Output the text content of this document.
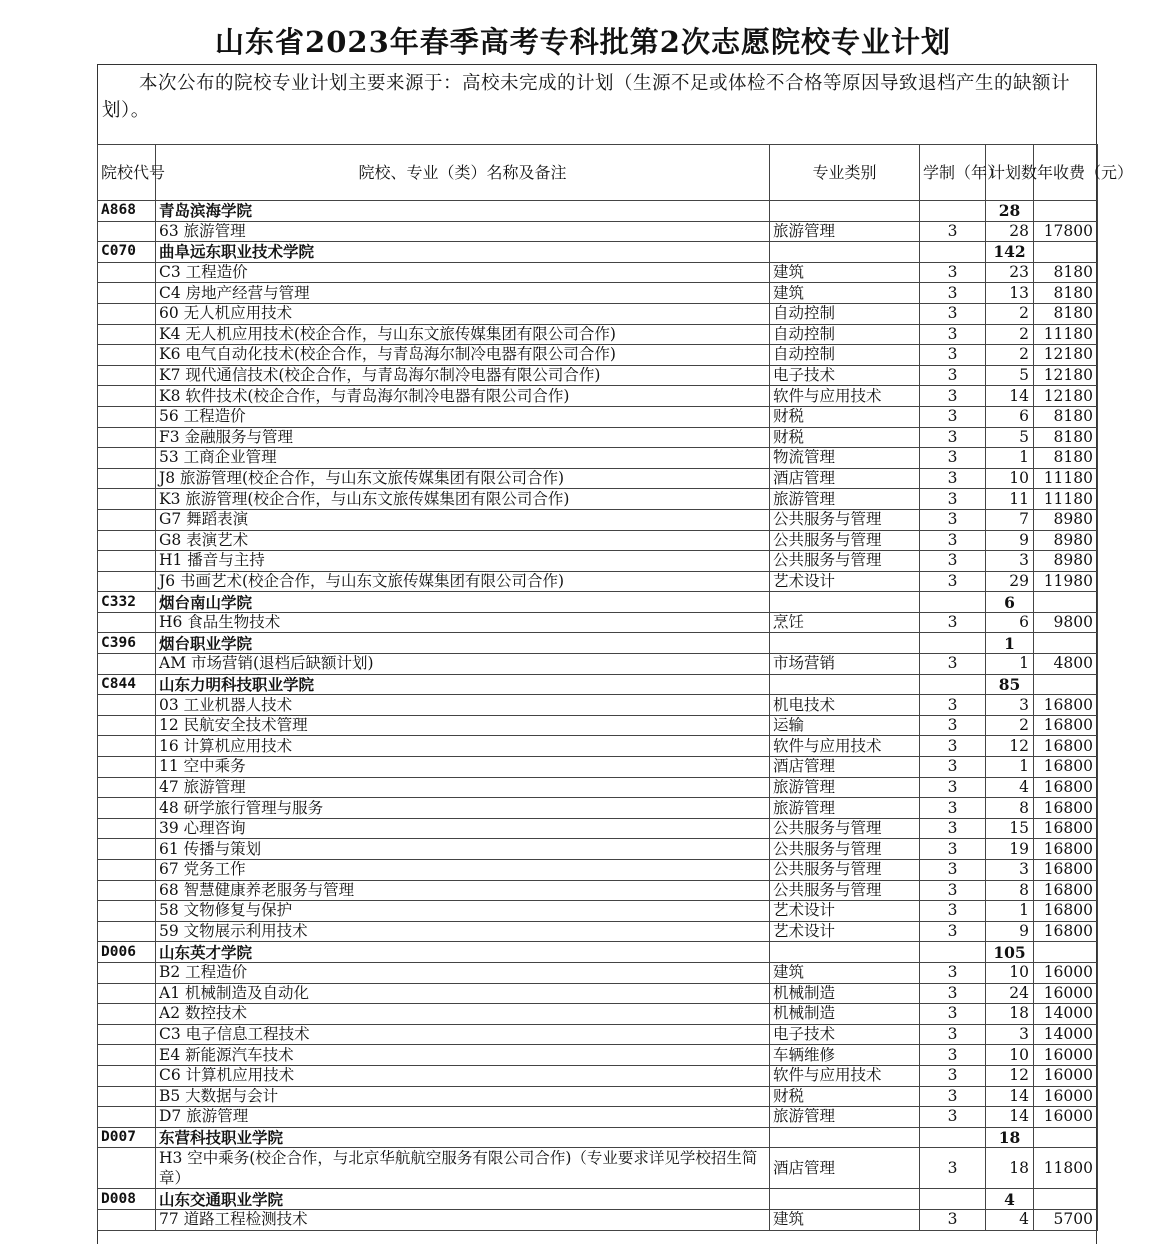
山东省2023年春季高考专科批第2次志愿院校专业计划
本次公布的院校专业计划主要来源于：高校未完成的计划（生源不足或体检不合格等原因导致退档产生的缺额计划）。
院校代号	院校、专业（类）名称及备注	专业类别	学制（年）	计划数	年收费（元）
A868	青岛滨海学院			28	
	63 旅游管理	旅游管理	3	28	17800
C070	曲阜远东职业技术学院			142	
	C3 工程造价	建筑	3	23	8180
	C4 房地产经营与管理	建筑	3	13	8180
	60 无人机应用技术	自动控制	3	2	8180
	K4 无人机应用技术(校企合作，与山东文旅传媒集团有限公司合作)	自动控制	3	2	11180
	K6 电气自动化技术(校企合作，与青岛海尔制冷电器有限公司合作)	自动控制	3	2	12180
	K7 现代通信技术(校企合作，与青岛海尔制冷电器有限公司合作)	电子技术	3	5	12180
	K8 软件技术(校企合作，与青岛海尔制冷电器有限公司合作)	软件与应用技术	3	14	12180
	56 工程造价	财税	3	6	8180
	F3 金融服务与管理	财税	3	5	8180
	53 工商企业管理	物流管理	3	1	8180
	J8 旅游管理(校企合作，与山东文旅传媒集团有限公司合作)	酒店管理	3	10	11180
	K3 旅游管理(校企合作，与山东文旅传媒集团有限公司合作)	旅游管理	3	11	11180
	G7 舞蹈表演	公共服务与管理	3	7	8980
	G8 表演艺术	公共服务与管理	3	9	8980
	H1 播音与主持	公共服务与管理	3	3	8980
	J6 书画艺术(校企合作，与山东文旅传媒集团有限公司合作)	艺术设计	3	29	11980
C332	烟台南山学院			6	
	H6 食品生物技术	烹饪	3	6	9800
C396	烟台职业学院			1	
	AM 市场营销(退档后缺额计划)	市场营销	3	1	4800
C844	山东力明科技职业学院			85	
	03 工业机器人技术	机电技术	3	3	16800
	12 民航安全技术管理	运输	3	2	16800
	16 计算机应用技术	软件与应用技术	3	12	16800
	11 空中乘务	酒店管理	3	1	16800
	47 旅游管理	旅游管理	3	4	16800
	48 研学旅行管理与服务	旅游管理	3	8	16800
	39 心理咨询	公共服务与管理	3	15	16800
	61 传播与策划	公共服务与管理	3	19	16800
	67 党务工作	公共服务与管理	3	3	16800
	68 智慧健康养老服务与管理	公共服务与管理	3	8	16800
	58 文物修复与保护	艺术设计	3	1	16800
	59 文物展示利用技术	艺术设计	3	9	16800
D006	山东英才学院			105	
	B2 工程造价	建筑	3	10	16000
	A1 机械制造及自动化	机械制造	3	24	16000
	A2 数控技术	机械制造	3	18	14000
	C3 电子信息工程技术	电子技术	3	3	14000
	E4 新能源汽车技术	车辆维修	3	10	16000
	C6 计算机应用技术	软件与应用技术	3	12	16000
	B5 大数据与会计	财税	3	14	16000
	D7 旅游管理	旅游管理	3	14	16000
D007	东营科技职业学院			18	
	H3 空中乘务(校企合作，与北京华航航空服务有限公司合作)（专业要求详见学校招生简章）	酒店管理	3	18	11800
D008	山东交通职业学院			4	
	77 道路工程检测技术	建筑	3	4	5700
